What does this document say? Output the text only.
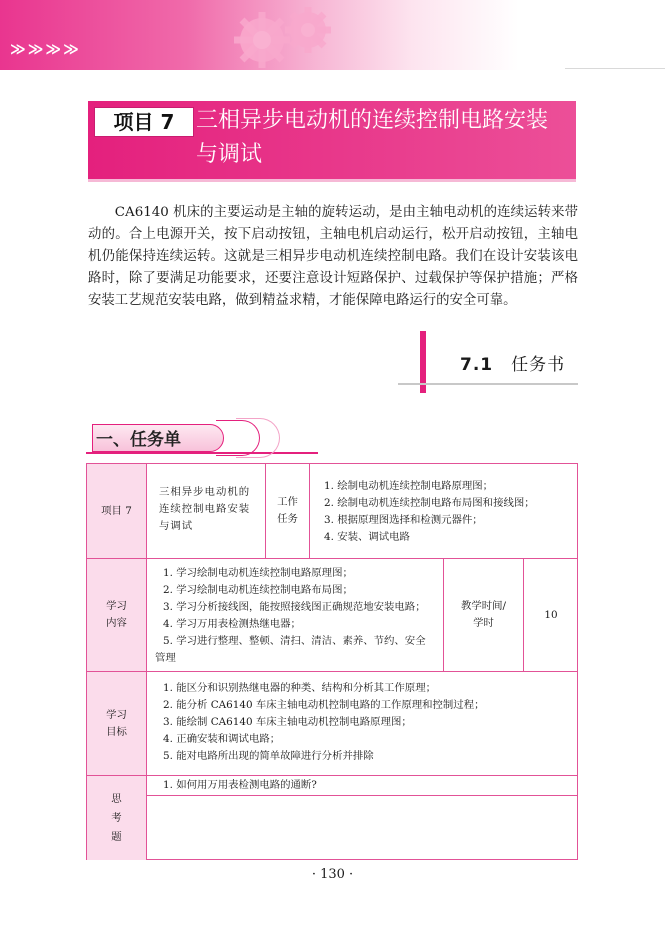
≫≫≫≫
项目 7 三相异步电动机的连续控制电路安装
与调试

CA6140 机床的主要运动是主轴的旋转运动，是由主轴电动机的连续运转来带动的。合上电源开关，按下启动按钮，主轴电机启动运行，松开启动按钮，主轴电机仍能保持连续运转。这就是三相异步电动机连续控制电路。我们在设计安装该电路时，除了要满足功能要求，还要注意设计短路保护、过载保护等保护措施；严格安装工艺规范安装电路，做到精益求精，才能保障电路运行的安全可靠。

7.1 任务书
一、任务单
项目 7
三相异步电动机的连续控制电路安装与调试
工作
任务
1. 绘制电动机连续控制电路原理图；
2. 绘制电动机连续控制电路布局图和接线图；
3. 根据原理图选择和检测元器件；
4. 安装、调试电路
学习
内容
1. 学习绘制电动机连续控制电路原理图；
2. 学习绘制电动机连续控制电路布局图；
3. 学习分析接线图，能按照接线图正确规范地安装电路；
4. 学习万用表检测热继电器；
5. 学习进行整理、整顿、清扫、清洁、素养、节约、安全
管理
教学时间/
学时
10
学习
目标
1. 能区分和识别热继电器的种类、结构和分析其工作原理；
2. 能分析 CA6140 车床主轴电动机控制电路的工作原理和控制过程；
3. 能绘制 CA6140 车床主轴电动机控制电路原理图；
4. 正确安装和调试电路；
5. 能对电路所出现的简单故障进行分析并排除
思
考
题
1. 如何用万用表检测电路的通断?
· 130 ·
